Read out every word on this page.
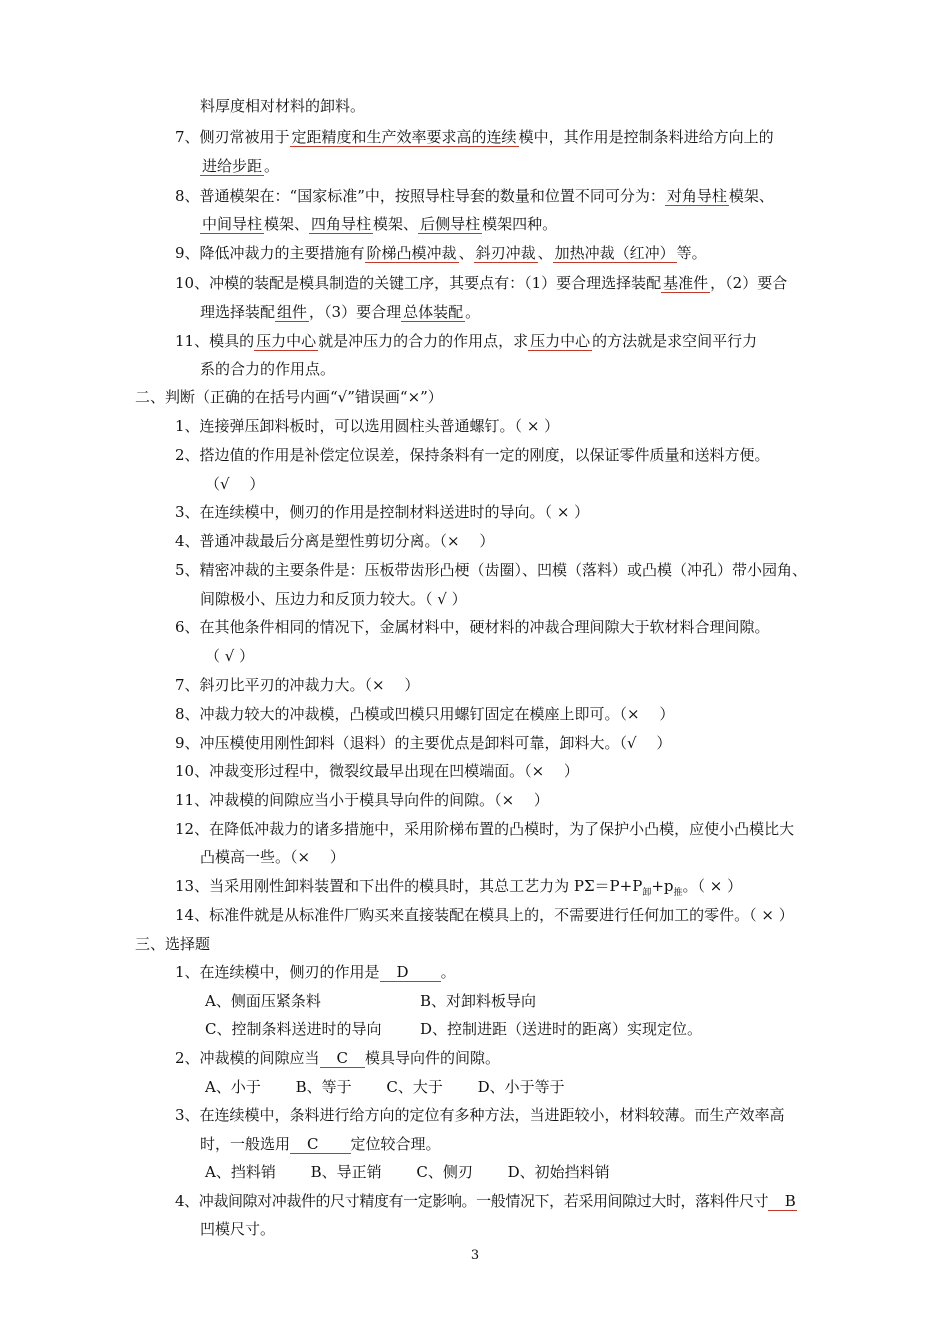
料厚度相对材料的卸料。
7、侧刃常被用于 定距精度和生产效率要求高的连续 模中，其作用是控制条料进给方向上的
进给步距 。
8、普通模架在：“国家标准”中，按照导柱导套的数量和位置不同可分为： 对角导柱 模架、
中间导柱 模架、 四角导柱 模架、 后侧导柱 模架四种。
9、降低冲裁力的主要措施有 阶梯凸模冲裁 、 斜刃冲裁 、 加热冲裁（红冲） 等。
10、冲模的装配是模具制造的关键工序，其要点有：（1）要合理选择装配 基准件 ，（2）要合
理选择装配 组件 ，（3）要合理 总体装配 。
11、模具的 压力中心 就是冲压力的合力的作用点，求 压力中心 的方法就是求空间平行力
系的合力的作用点。
二、判断（正确的在括号内画“√”错误画“×”）
1、连接弹压卸料板时，可以选用圆柱头普通螺钉。（ × ）
2、搭边值的作用是补偿定位误差，保持条料有一定的刚度，以保证零件质量和送料方便。
（√　 ）
3、在连续模中，侧刃的作用是控制材料送进时的导向。（ × ）
4、普通冲裁最后分离是塑性剪切分离。（×　 ）
5、精密冲裁的主要条件是：压板带齿形凸梗（齿圈）、凹模（落料）或凸模（冲孔）带小园角、
间隙极小、压边力和反顶力较大。（ √ ）
6、在其他条件相同的情况下，金属材料中，硬材料的冲裁合理间隙大于软材料合理间隙。
（ √ ）
7、斜刃比平刃的冲裁力大。（×　 ）
8、冲裁力较大的冲裁模，凸模或凹模只用螺钉固定在模座上即可。（×　 ）
9、冲压模使用刚性卸料（退料）的主要优点是卸料可靠，卸料大。（√　 ）
10、冲裁变形过程中，微裂纹最早出现在凹模端面。（×　 ）
11、冲裁模的间隙应当小于模具导向件的间隙。（×　 ）
12、在降低冲裁力的诸多措施中，采用阶梯布置的凸模时，为了保护小凸模，应使小凸模比大
凸模高一些。（×　 ）
13、当采用刚性卸料装置和下出件的模具时，其总工艺力为 $P\Sigma=P+P_卸+p_推$。（ × ）
14、标准件就是从标准件厂购买来直接装配在模具上的，不需要进行任何加工的零件。（ × ）
三、选择题
1、在连续模中，侧刃的作用是　D　　。
A、侧面压紧条料	B、对卸料板导向
C、控制条料送进时的导向	D、控制进距（送进时的距离）实现定位。
2、冲裁模的间隙应当　C　模具导向件的间隙。
A、小于　　 B、等于　　 C、大于　　 D、小于等于
3、在连续模中，条料进行给方向的定位有多种方法，当进距较小，材料较薄。而生产效率高
时，一般选用　C　　定位较合理。
A、挡料销　　 B、导正销　　 C、侧刃　　 D、初始挡料销
4、冲裁间隙对冲裁件的尺寸精度有一定影响。一般情况下，若采用间隙过大时，落料件尺寸　B
凹模尺寸。
3
